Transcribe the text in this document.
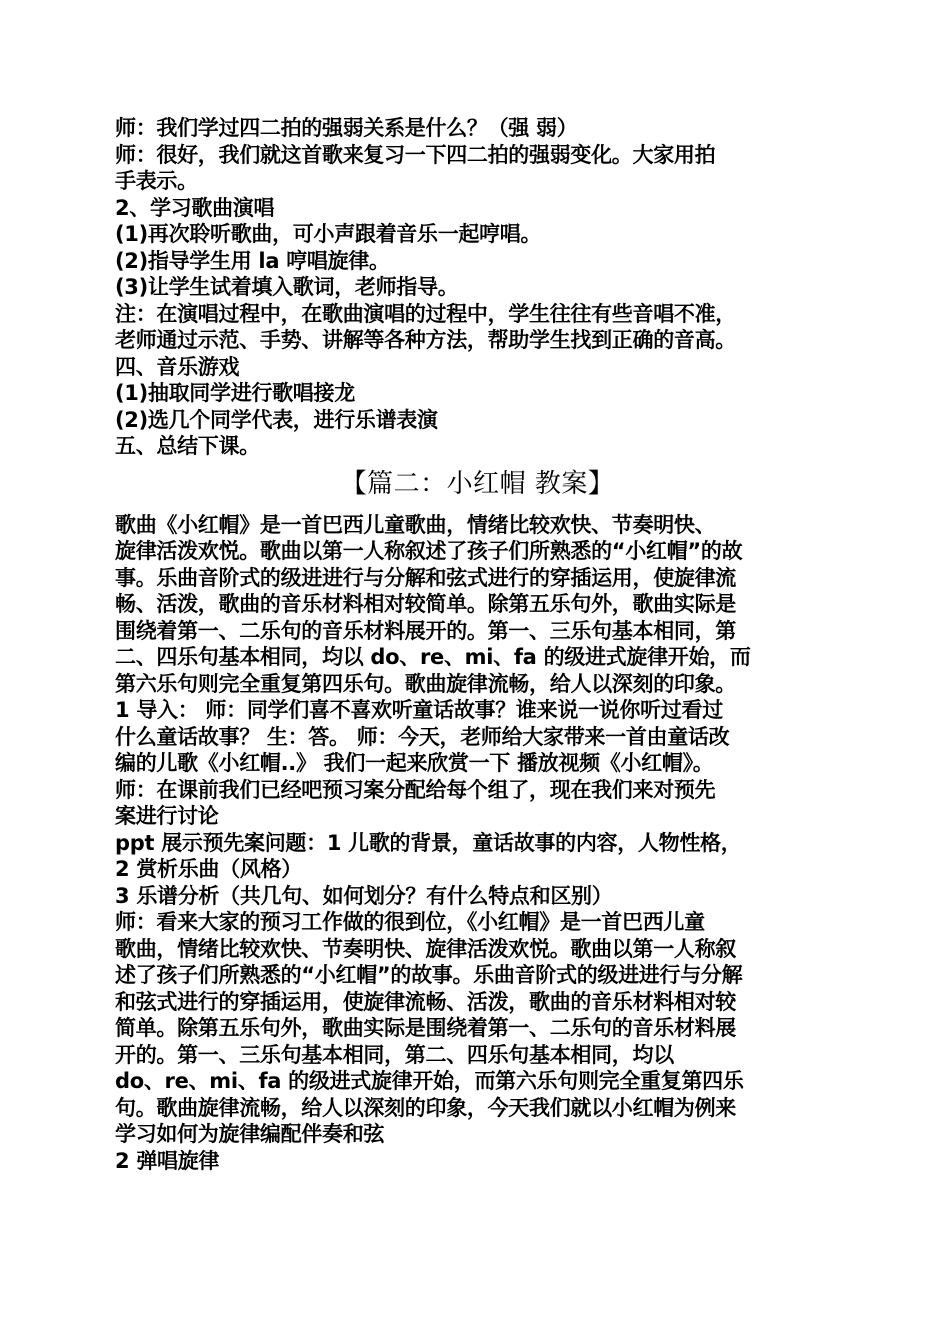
师：我们学过四二拍的强弱关系是什么？（强 弱）
师：很好，我们就这首歌来复习一下四二拍的强弱变化。大家用拍
手表示。
2、学习歌曲演唱
(1)再次聆听歌曲，可小声跟着音乐一起哼唱。
(2)指导学生用 la 哼唱旋律。
(3)让学生试着填入歌词，老师指导。
注：在演唱过程中，在歌曲演唱的过程中，学生往往有些音唱不准，
老师通过示范、手势、讲解等各种方法，帮助学生找到正确的音高。
四、音乐游戏
(1)抽取同学进行歌唱接龙
(2)选几个同学代表，进行乐谱表演
五、总结下课。
【篇二：小红帽 教案】
歌曲《小红帽》是一首巴西儿童歌曲，情绪比较欢快、节奏明快、
旋律活泼欢悦。歌曲以第一人称叙述了孩子们所熟悉的“小红帽”的故
事。乐曲音阶式的级进进行与分解和弦式进行的穿插运用，使旋律流
畅、活泼，歌曲的音乐材料相对较简单。除第五乐句外，歌曲实际是
围绕着第一、二乐句的音乐材料展开的。第一、三乐句基本相同，第
二、四乐句基本相同，均以 do、re、mi、fa 的级进式旋律开始，而
第六乐句则完全重复第四乐句。歌曲旋律流畅，给人以深刻的印象。
1 导入： 师：同学们喜不喜欢听童话故事？谁来说一说你听过看过
什么童话故事？ 生：答。 师：今天，老师给大家带来一首由童话改
编的儿歌《小红帽..》 我们一起来欣赏一下 播放视频《小红帽》。
师：在课前我们已经吧预习案分配给每个组了，现在我们来对预先
案进行讨论
ppt 展示预先案问题：1 儿歌的背景，童话故事的内容，人物性格，
2 赏析乐曲（风格）
3 乐谱分析（共几句、如何划分？有什么特点和区别）
师：看来大家的预习工作做的很到位，《小红帽》是一首巴西儿童
歌曲，情绪比较欢快、节奏明快、旋律活泼欢悦。歌曲以第一人称叙
述了孩子们所熟悉的“小红帽”的故事。乐曲音阶式的级进进行与分解
和弦式进行的穿插运用，使旋律流畅、活泼，歌曲的音乐材料相对较
简单。除第五乐句外，歌曲实际是围绕着第一、二乐句的音乐材料展
开的。第一、三乐句基本相同，第二、四乐句基本相同，均以
do、re、mi、fa 的级进式旋律开始，而第六乐句则完全重复第四乐
句。歌曲旋律流畅，给人以深刻的印象，今天我们就以小红帽为例来
学习如何为旋律编配伴奏和弦
2 弹唱旋律
